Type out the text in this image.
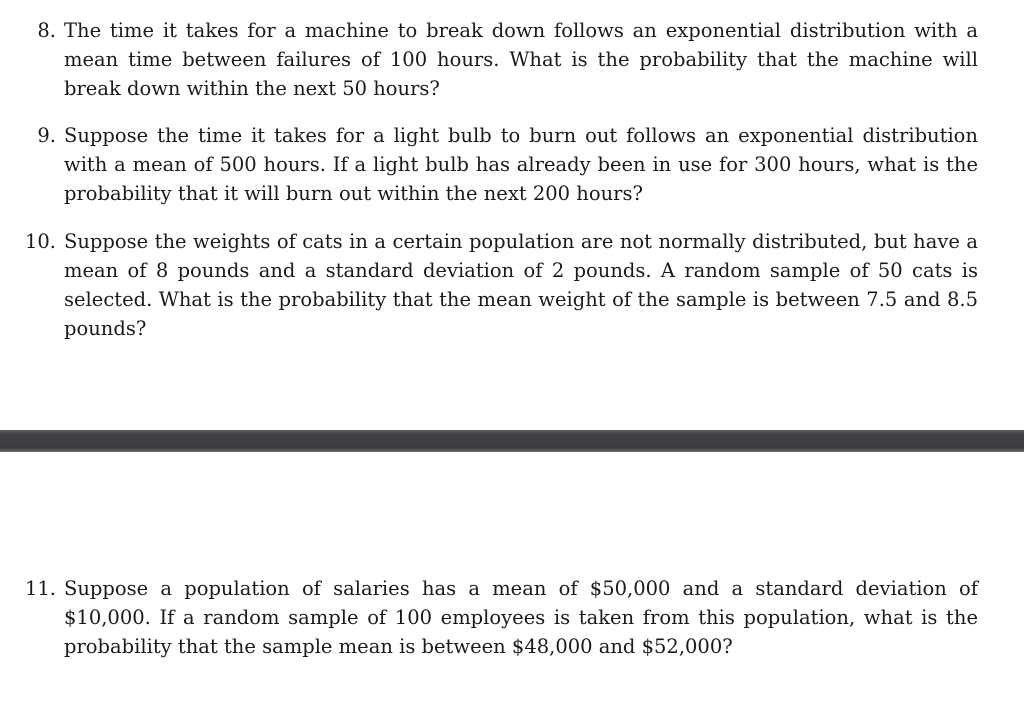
8. The time it takes for a machine to break down follows an exponential distribution with a mean time between failures of 100 hours. What is the probability that the machine will break down within the next 50 hours?
9. Suppose the time it takes for a light bulb to burn out follows an exponential distribution with a mean of 500 hours. If a light bulb has already been in use for 300 hours, what is the probability that it will burn out within the next 200 hours?
10. Suppose the weights of cats in a certain population are not normally distributed, but have a mean of 8 pounds and a standard deviation of 2 pounds. A random sample of 50 cats is selected. What is the probability that the mean weight of the sample is between 7.5 and 8.5 pounds?
11. Suppose a population of salaries has a mean of $50,000 and a standard deviation of $10,000. If a random sample of 100 employees is taken from this population, what is the probability that the sample mean is between $48,000 and $52,000?
